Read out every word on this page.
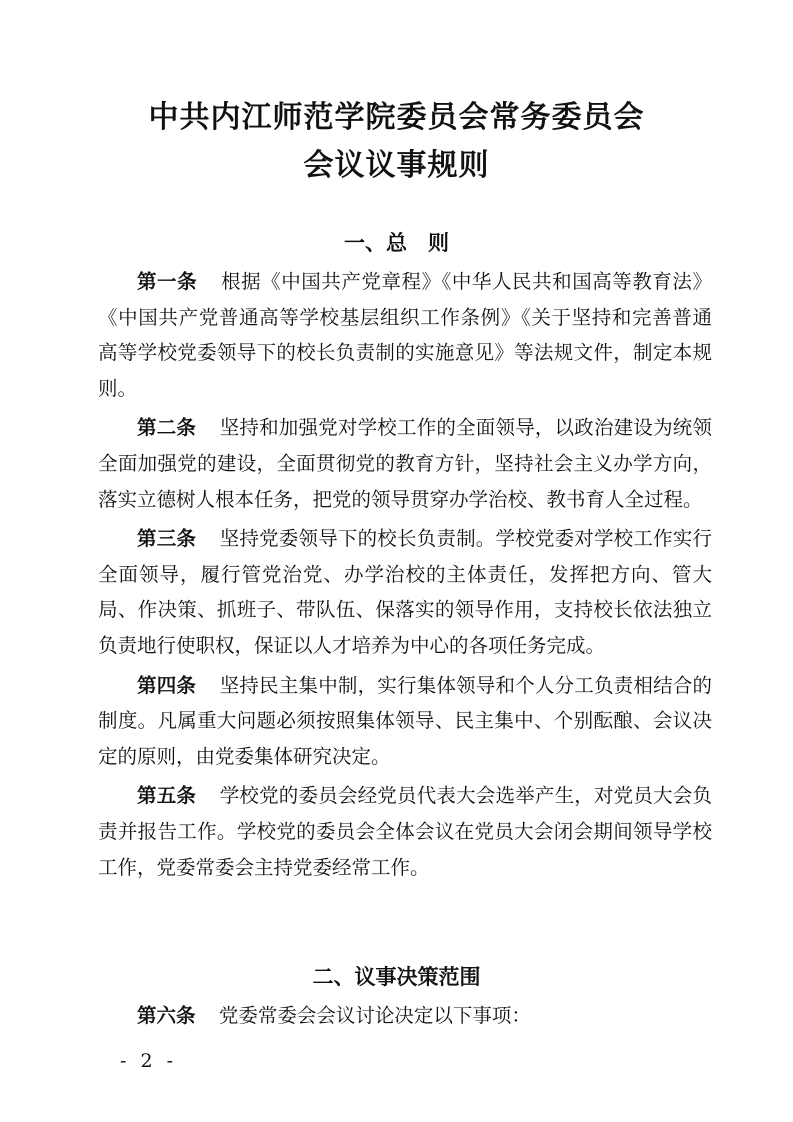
中共内江师范学院委员会常务委员会
会议议事规则
一、总　则

第一条 根据《中国共产党章程》《中华人民共和国高等教育法》《中国共产党普通高等学校基层组织工作条例》《关于坚持和完善普通高等学校党委领导下的校长负责制的实施意见》等法规文件，制定本规则。

第二条 坚持和加强党对学校工作的全面领导，以政治建设为统领全面加强党的建设，全面贯彻党的教育方针，坚持社会主义办学方向，落实立德树人根本任务，把党的领导贯穿办学治校、教书育人全过程。

第三条 坚持党委领导下的校长负责制。学校党委对学校工作实行全面领导，履行管党治党、办学治校的主体责任，发挥把方向、管大局、作决策、抓班子、带队伍、保落实的领导作用，支持校长依法独立负责地行使职权，保证以人才培养为中心的各项任务完成。

第四条 坚持民主集中制，实行集体领导和个人分工负责相结合的制度。凡属重大问题必须按照集体领导、民主集中、个别酝酿、会议决定的原则，由党委集体研究决定。

第五条 学校党的委员会经党员代表大会选举产生，对党员大会负责并报告工作。学校党的委员会全体会议在党员大会闭会期间领导学校工作，党委常委会主持党委经常工作。

二、议事决策范围

第六条 党委常委会会议讨论决定以下事项：

- 2 -
